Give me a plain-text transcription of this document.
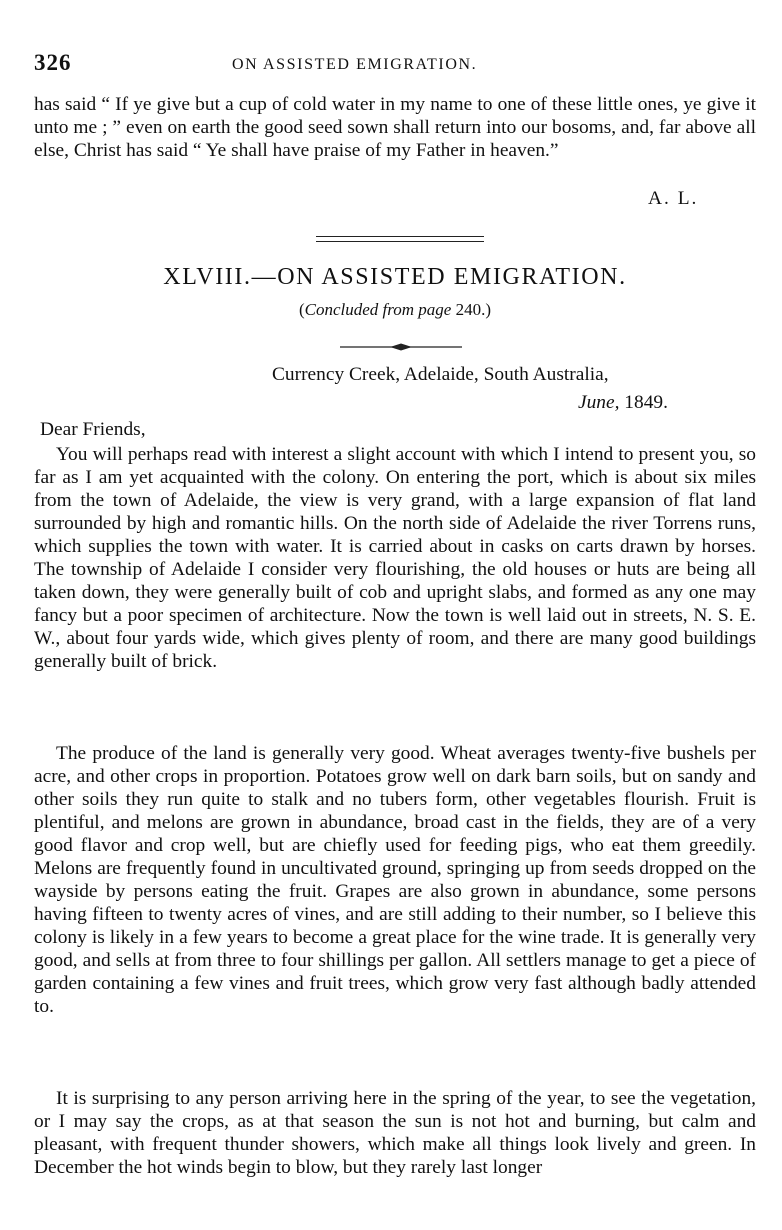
326	ON ASSISTED EMIGRATION.

has said “ If ye give but a cup of cold water in my name to one of these little ones, ye give it unto me ; ” even on earth the good seed sown shall return into our bosoms, and, far above all else, Christ has said “ Ye shall have praise of my Father in heaven.”

A. L.
XLVIII.—ON ASSISTED EMIGRATION.
(Concluded from page 240.)
Currency Creek, Adelaide, South Australia,
June, 1849.
Dear Friends,

You will perhaps read with interest a slight account with which I intend to present you, so far as I am yet acquainted with the colony. On entering the port, which is about six miles from the town of Adelaide, the view is very grand, with a large expansion of flat land surrounded by high and romantic hills. On the north side of Adelaide the river Torrens runs, which supplies the town with water. It is carried about in casks on carts drawn by horses. The township of Adelaide I consider very flourishing, the old houses or huts are being all taken down, they were generally built of cob and upright slabs, and formed as any one may fancy but a poor specimen of architecture. Now the town is well laid out in streets, N. S. E. W., about four yards wide, which gives plenty of room, and there are many good buildings generally built of brick.

The produce of the land is generally very good. Wheat averages twenty-five bushels per acre, and other crops in proportion. Potatoes grow well on dark barn soils, but on sandy and other soils they run quite to stalk and no tubers form, other vegetables flourish. Fruit is plentiful, and melons are grown in abundance, broad cast in the fields, they are of a very good flavor and crop well, but are chiefly used for feeding pigs, who eat them greedily. Melons are frequently found in uncultivated ground, springing up from seeds dropped on the wayside by persons eating the fruit. Grapes are also grown in abundance, some persons having fifteen to twenty acres of vines, and are still adding to their number, so I believe this colony is likely in a few years to become a great place for the wine trade. It is generally very good, and sells at from three to four shillings per gallon. All settlers manage to get a piece of garden containing a few vines and fruit trees, which grow very fast although badly attended to.

It is surprising to any person arriving here in the spring of the year, to see the vegetation, or I may say the crops, as at that season the sun is not hot and burning, but calm and pleasant, with frequent thunder showers, which make all things look lively and green. In December the hot winds begin to blow, but they rarely last longer
